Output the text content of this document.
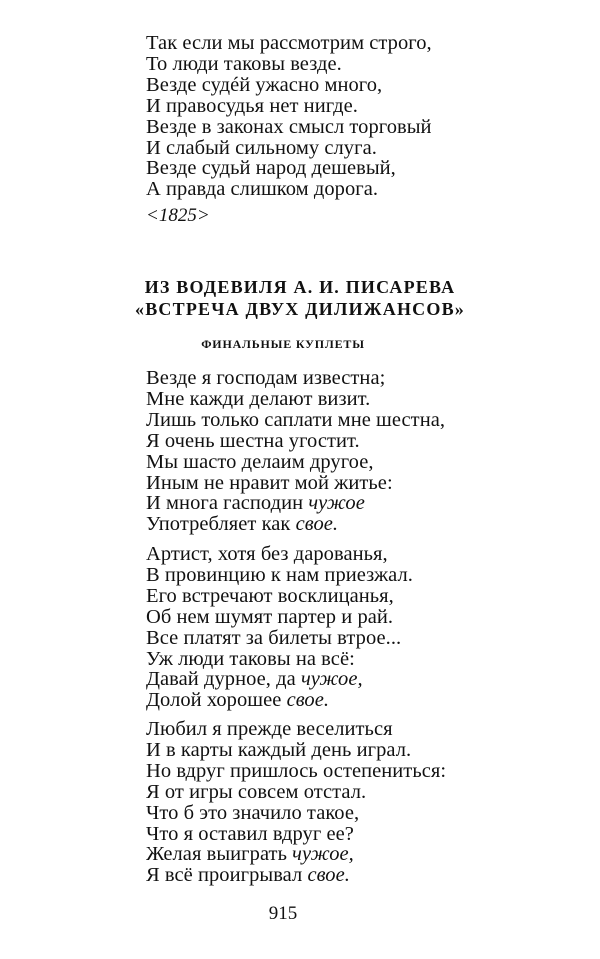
Так если мы рассмотрим строго,
То люди таковы везде.
Везде судéй ужасно много,
И правосудья нет нигде.
Везде в законах смысл торговый
И слабый сильному слуга.
Везде судьй народ дешевый,
А правда слишком дорога.
<1825>
ИЗ ВОДЕВИЛЯ А. И. ПИСАРЕВА
«ВСТРЕЧА ДВУХ ДИЛИЖАНСОВ»
ФИНАЛЬНЫЕ КУПЛЕТЫ
Везде я господам известна;
Мне кажди делают визит.
Лишь только саплати мне шестна,
Я очень шестна угостит.
Мы шасто делаим другое,
Иным не нравит мой житье:
И многа гасподин чужое
Употребляет как свое.
Артист, хотя без дарованья,
В провинцию к нам приезжал.
Его встречают восклицанья,
Об нем шумят партер и рай.
Все платят за билеты втрое...
Уж люди таковы на всё:
Давай дурное, да чужое,
Долой хорошее свое.
Любил я прежде веселиться
И в карты каждый день играл.
Но вдруг пришлось остепениться:
Я от игры совсем отстал.
Что б это значило такое,
Что я оставил вдруг ее?
Желая выиграть чужое,
Я всё проигрывал свое.
915
